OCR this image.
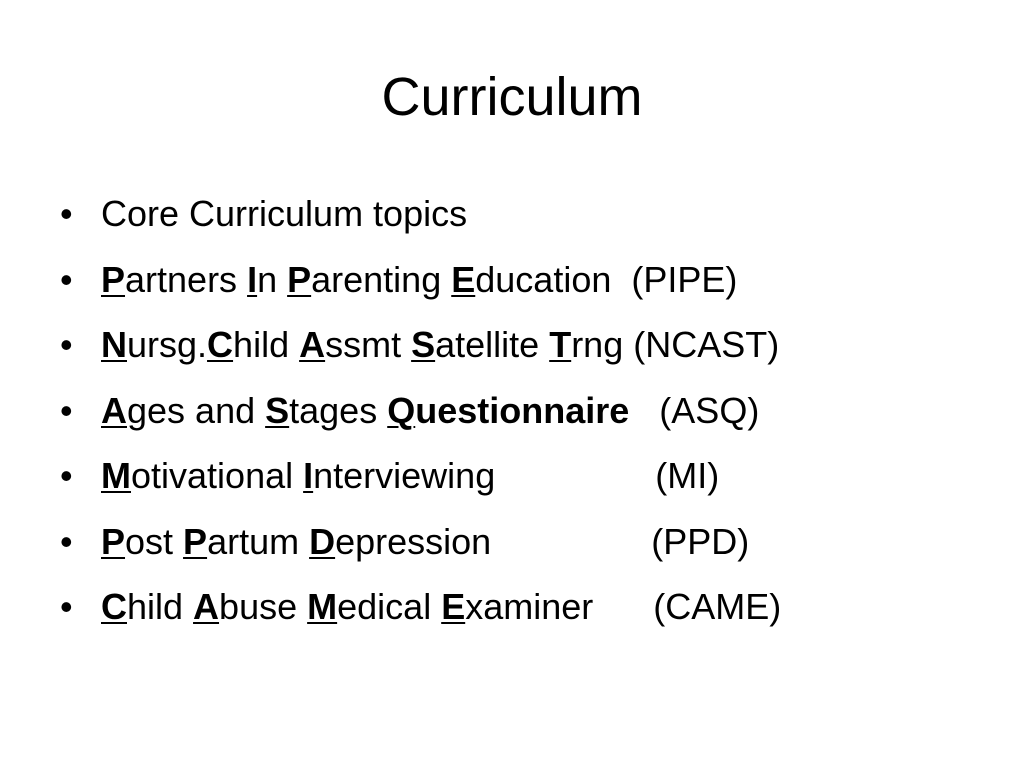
Curriculum
• Core Curriculum topics
• Partners In Parenting Education  (PIPE)
• Nursg.Child Assmt Satellite Trng (NCAST)
• Ages and Stages Questionnaire   (ASQ)
• Motivational Interviewing                (MI)
• Post Partum Depression                (PPD)
• Child Abuse Medical Examiner      (CAME)
